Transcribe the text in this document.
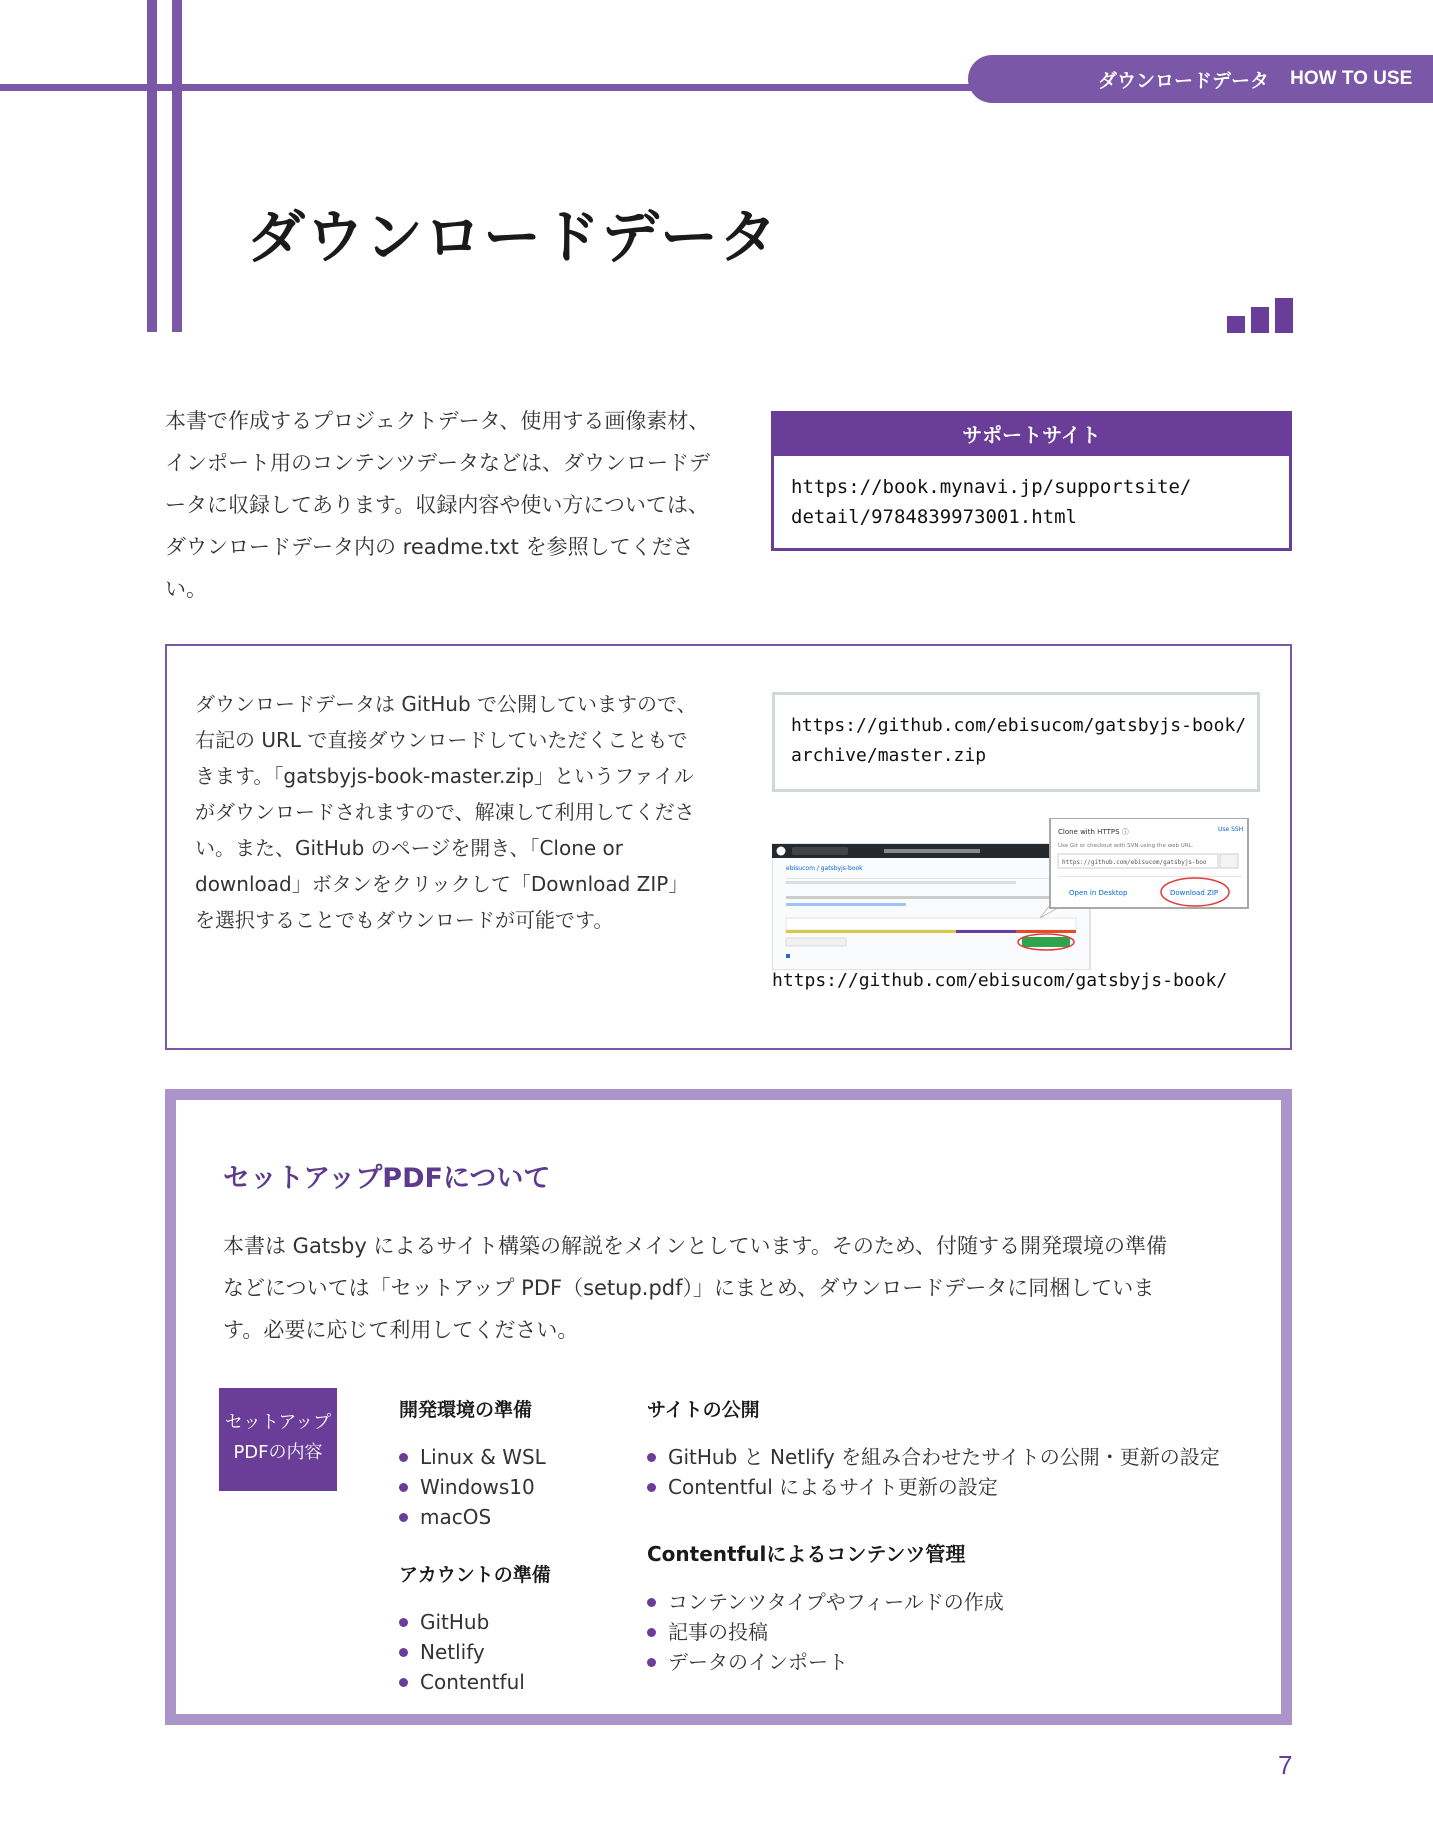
ダウンロードデータ
HOW TO USE
ダウンロードデータ

本書で作成するプロジェクトデータ、使用する画像素材、インポート用のコンテンツデータなどは、ダウンロードデータに収録してあります。収録内容や使い方については、ダウンロードデータ内の readme.txt を参照してください。

サポートサイト
https://book.mynavi.jp/supportsite/
detail/9784839973001.html

ダウンロードデータは GitHub で公開していますので、右記の URL で直接ダウンロードしていただくこともできます。「gatsbyjs-book-master.zip」というファイルがダウンロードされますので、解凍して利用してください。また、GitHub のページを開き、「Clone or download」ボタンをクリックして「Download ZIP」を選択することでもダウンロードが可能です。

https://github.com/ebisucom/gatsbyjs-book/
archive/master.zip
ebisucom / gatsbyjs-book
Clone with HTTPS ⓘ	Use SSH
Use Git or checkout with SVN using the web URL.
https://github.com/ebisucom/gatsbyjs-boo
Open in Desktop	Download ZIP
https://github.com/ebisucom/gatsbyjs-book/
セットアップPDFについて

本書は Gatsby によるサイト構築の解説をメインとしています。そのため、付随する開発環境の準備などについては「セットアップ PDF（setup.pdf）」にまとめ、ダウンロードデータに同梱しています。必要に応じて利用してください。

セットアップ
PDFの内容
開発環境の準備
Linux & WSL
Windows10
macOS
アカウントの準備
GitHub
Netlify
Contentful
サイトの公開
GitHub と Netlify を組み合わせたサイトの公開・更新の設定
Contentful によるサイト更新の設定
Contentfulによるコンテンツ管理
コンテンツタイプやフィールドの作成
記事の投稿
データのインポート
7
